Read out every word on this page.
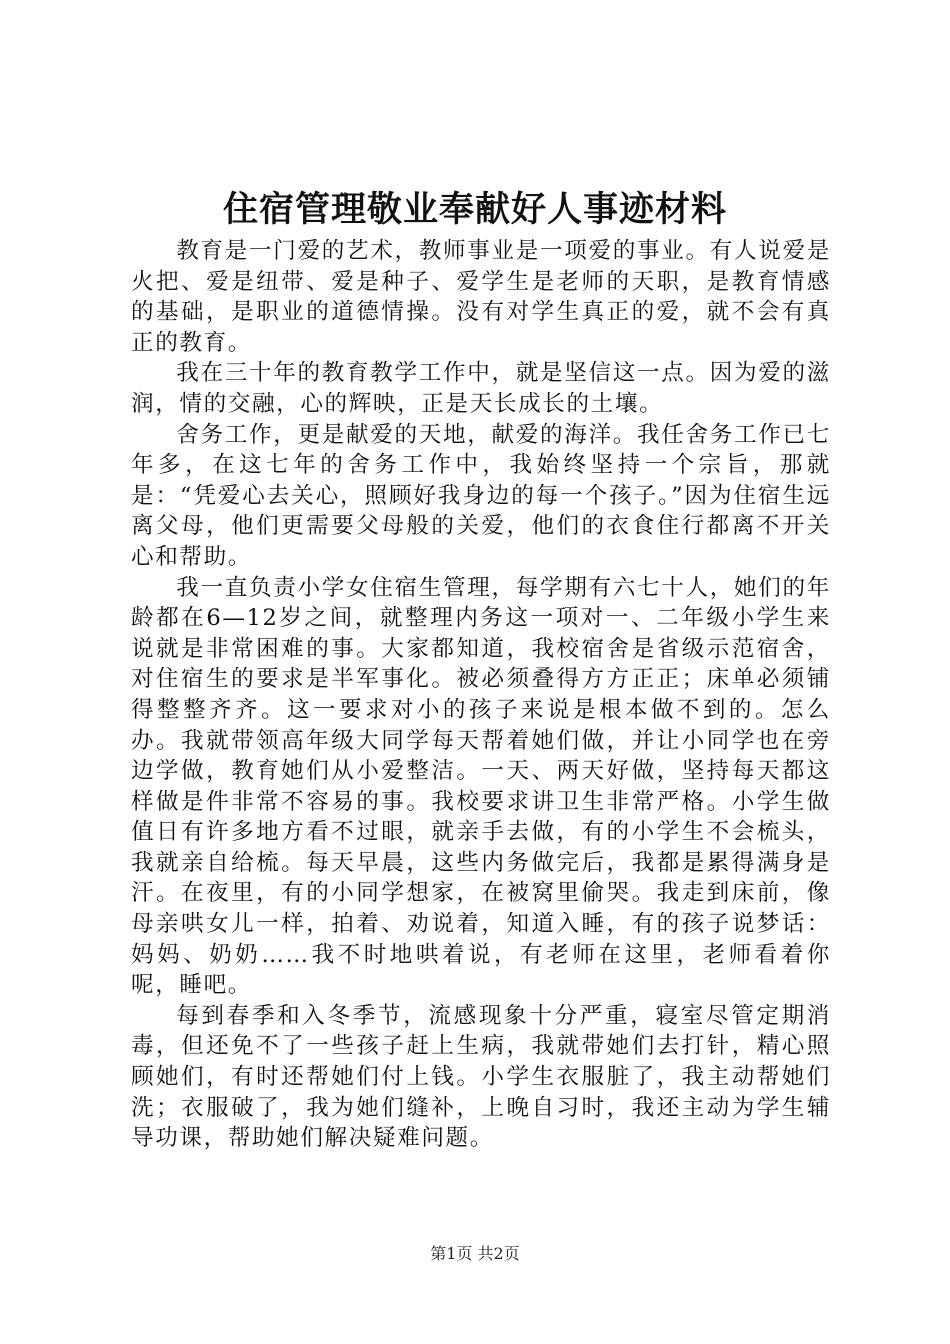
住宿管理敬业奉献好人事迹材料

教育是一门爱的艺术，教师事业是一项爱的事业。有人说爱是火把、爱是纽带、爱是种子、爱学生是老师的天职，是教育情感的基础，是职业的道德情操。没有对学生真正的爱，就不会有真正的教育。

我在三十年的教育教学工作中，就是坚信这一点。因为爱的滋润，情的交融，心的辉映，正是天长成长的土壤。

舍务工作，更是献爱的天地，献爱的海洋。我任舍务工作已七年多，在这七年的舍务工作中，我始终坚持一个宗旨，那就是：“凭爱心去关心，照顾好我身边的每一个孩子。”因为住宿生远离父母，他们更需要父母般的关爱，他们的衣食住行都离不开关心和帮助。

我一直负责小学女住宿生管理，每学期有六七十人，她们的年龄都在6—12岁之间，就整理内务这一项对一、二年级小学生来说就是非常困难的事。大家都知道，我校宿舍是省级示范宿舍，对住宿生的要求是半军事化。被必须叠得方方正正；床单必须铺得整整齐齐。这一要求对小的孩子来说是根本做不到的。怎么办。我就带领高年级大同学每天帮着她们做，并让小同学也在旁边学做，教育她们从小爱整洁。一天、两天好做，坚持每天都这样做是件非常不容易的事。我校要求讲卫生非常严格。小学生做值日有许多地方看不过眼，就亲手去做，有的小学生不会梳头，我就亲自给梳。每天早晨，这些内务做完后，我都是累得满身是汗。在夜里，有的小同学想家，在被窝里偷哭。我走到床前，像母亲哄女儿一样，拍着、劝说着，知道入睡，有的孩子说梦话：妈妈、奶奶……我不时地哄着说，有老师在这里，老师看着你呢，睡吧。

每到春季和入冬季节，流感现象十分严重，寝室尽管定期消毒，但还免不了一些孩子赶上生病，我就带她们去打针，精心照顾她们，有时还帮她们付上钱。小学生衣服脏了，我主动帮她们洗；衣服破了，我为她们缝补，上晚自习时，我还主动为学生辅导功课，帮助她们解决疑难问题。

第1页 共2页
